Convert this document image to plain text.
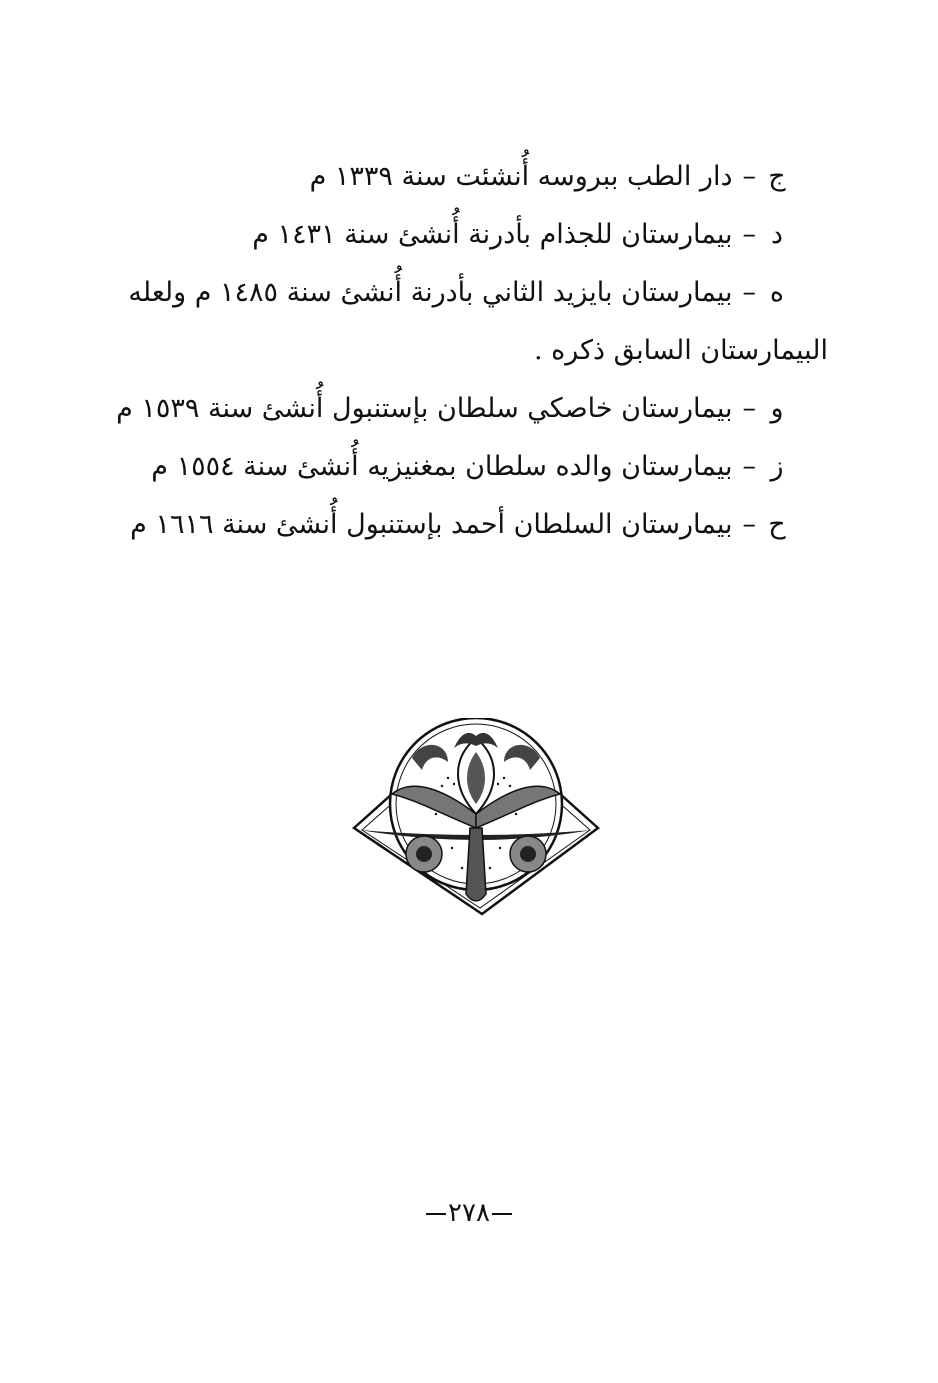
ج
–
دار الطب ببروسه أُنشئت سنة ١٣٣٩ م
د
–
بيمارستان للجذام بأدرنة أُنشئ سنة ١٤٣١ م
ه
–
بيمارستان بايزيد الثاني بأدرنة أُنشئ سنة ١٤٨٥ م ولعله
البيمارستان السابق ذكره .
و
–
بيمارستان خاصكي سلطان بإستنبول أُنشئ سنة ١٥٣٩ م
ز
–
بيمارستان والده سلطان بمغنيزيه أُنشئ سنة ١٥٥٤ م
ح
–
بيمارستان السلطان أحمد بإستنبول أُنشئ سنة ١٦١٦ م
٢٧٨
